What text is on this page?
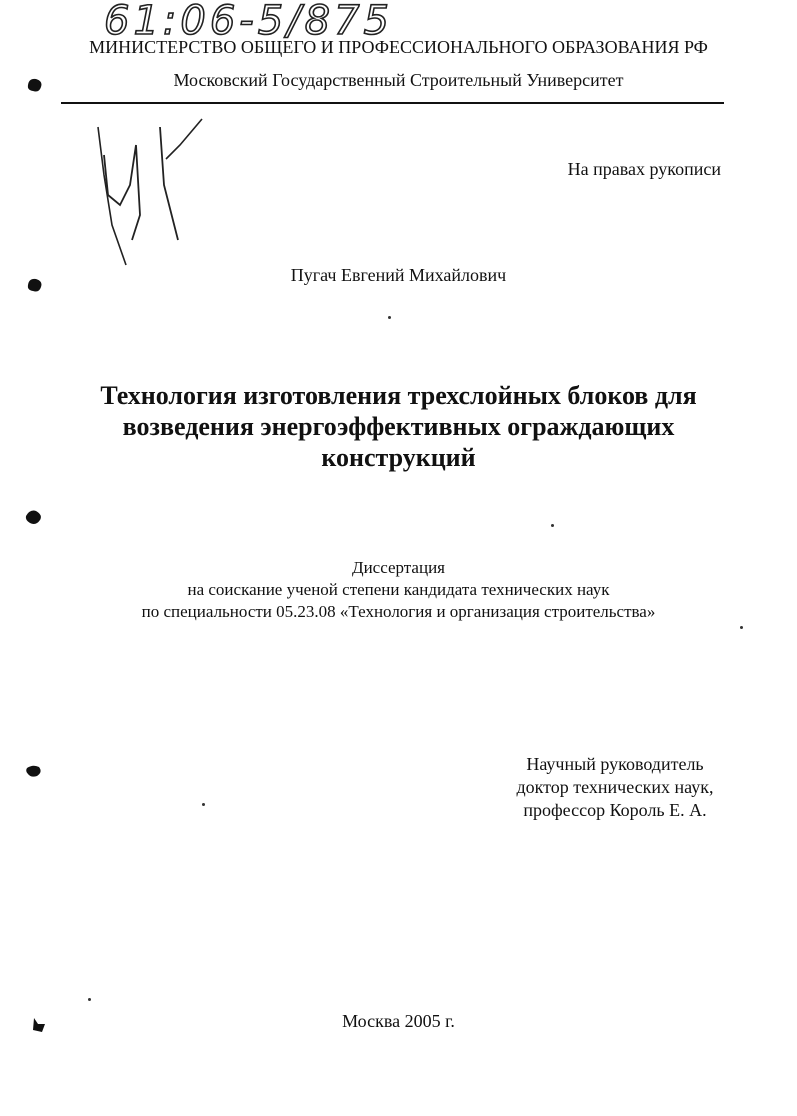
61:06-5/875
МИНИСТЕРСТВО ОБЩЕГО И ПРОФЕССИОНАЛЬНОГО ОБРАЗОВАНИЯ РФ
Московский Государственный Строительный Университет
На правах рукописи
Пугач Евгений Михайлович
Технология изготовления трехслойных блоков для
возведения энергоэффективных ограждающих
конструкций
Диссертация
на соискание ученой степени кандидата технических наук
по специальности 05.23.08 «Технология и организация строительства»
Научный руководитель
доктор технических наук,
профессор Король Е. А.
Москва 2005 г.
